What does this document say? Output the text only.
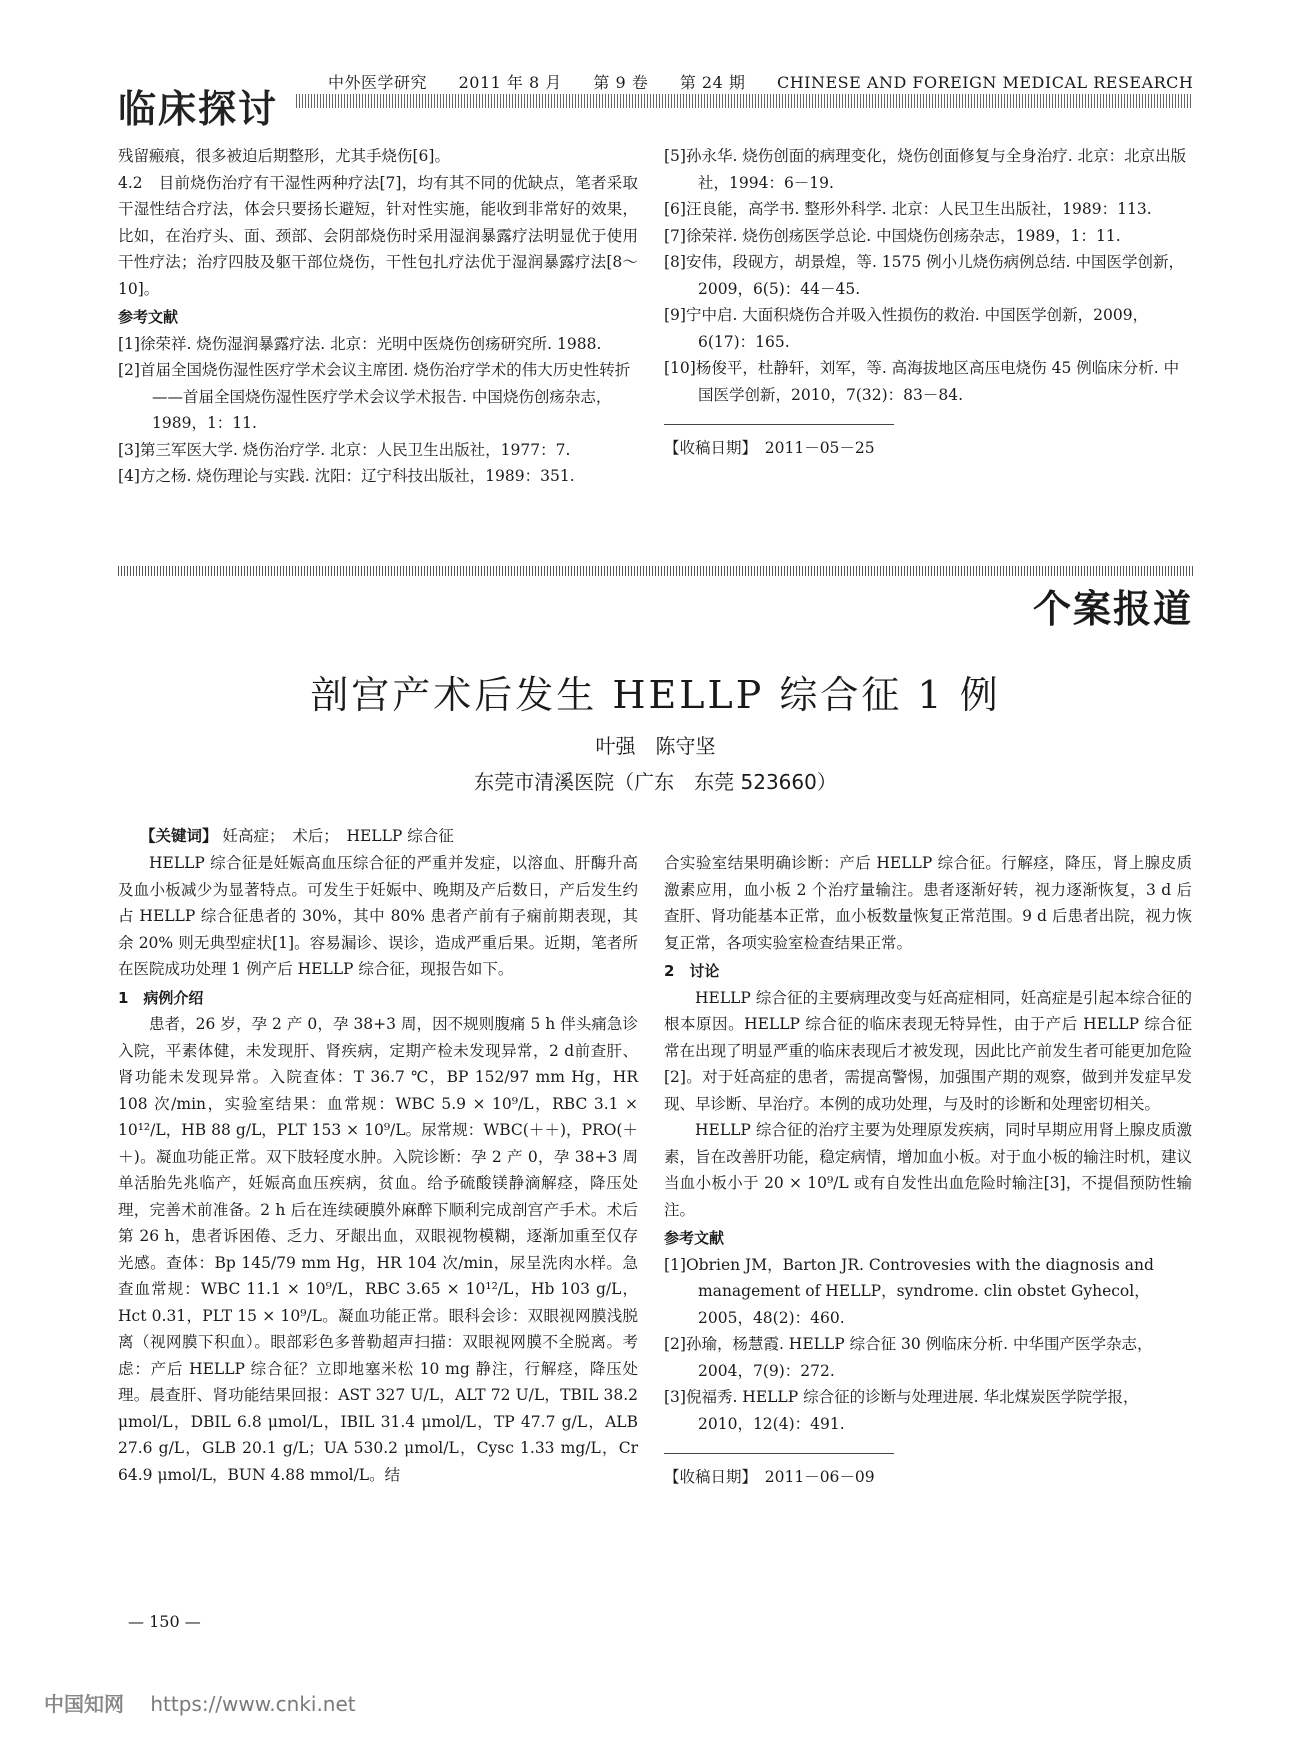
临床探讨
中外医学研究 2011 年 8 月 第 9 卷 第 24 期 CHINESE AND FOREIGN MEDICAL RESEARCH

残留瘢痕，很多被迫后期整形，尤其手烧伤[6]。

4.2　目前烧伤治疗有干湿性两种疗法[7]，均有其不同的优缺点，笔者采取干湿性结合疗法，体会只要扬长避短，针对性实施，能收到非常好的效果，比如，在治疗头、面、颈部、会阴部烧伤时采用湿润暴露疗法明显优于使用干性疗法；治疗四肢及躯干部位烧伤，干性包扎疗法优于湿润暴露疗法[8～10]。

参考文献

[1]徐荣祥. 烧伤湿润暴露疗法. 北京：光明中医烧伤创疡研究所. 1988.

[2]首届全国烧伤湿性医疗学术会议主席团. 烧伤治疗学术的伟大历史性转折——首届全国烧伤湿性医疗学术会议学术报告. 中国烧伤创疡杂志，1989，1：11.

[3]第三军医大学. 烧伤治疗学. 北京：人民卫生出版社，1977：7.

[4]方之杨. 烧伤理论与实践. 沈阳：辽宁科技出版社，1989：351.

[5]孙永华. 烧伤创面的病理变化，烧伤创面修复与全身治疗. 北京：北京出版社，1994：6－19.

[6]汪良能，高学书. 整形外科学. 北京：人民卫生出版社，1989：113.

[7]徐荣祥. 烧伤创疡医学总论. 中国烧伤创疡杂志，1989，1：11.

[8]安伟，段砚方，胡景煌，等. 1575 例小儿烧伤病例总结. 中国医学创新，2009，6(5)：44－45.

[9]宁中启. 大面积烧伤合并吸入性损伤的救治. 中国医学创新，2009，6(17)：165.

[10]杨俊平，杜静轩，刘军，等. 高海拔地区高压电烧伤 45 例临床分析. 中国医学创新，2010，7(32)：83－84.

【收稿日期】　2011－05－25

个案报道
剖宫产术后发生 HELLP 综合征 1 例
叶强　陈守坚
东莞市清溪医院（广东　东莞 523660）
【关键词】 妊高症；　术后；　HELLP 综合征

HELLP 综合征是妊娠高血压综合征的严重并发症，以溶血、肝酶升高及血小板减少为显著特点。可发生于妊娠中、晚期及产后数日，产后发生约占 HELLP 综合征患者的 30%，其中 80% 患者产前有子痫前期表现，其余 20% 则无典型症状[1]。容易漏诊、误诊，造成严重后果。近期，笔者所在医院成功处理 1 例产后 HELLP 综合征，现报告如下。

1　病例介绍

患者，26 岁，孕 2 产 0，孕 38+3 周，因不规则腹痛 5 h 伴头痛急诊入院，平素体健，未发现肝、肾疾病，定期产检未发现异常，2 d前查肝、肾功能未发现异常。入院查体：T 36.7 ℃，BP 152/97 mm Hg，HR 108 次/min，实验室结果：血常规：WBC 5.9 × 10⁹/L，RBC 3.1 × 10¹²/L，HB 88 g/L，PLT 153 × 10⁹/L。尿常规：WBC(＋＋)，PRO(＋＋)。凝血功能正常。双下肢轻度水肿。入院诊断：孕 2 产 0，孕 38+3 周单活胎先兆临产，妊娠高血压疾病，贫血。给予硫酸镁静滴解痉，降压处理，完善术前准备。2 h 后在连续硬膜外麻醉下顺利完成剖宫产手术。术后第 26 h，患者诉困倦、乏力、牙龈出血，双眼视物模糊，逐渐加重至仅存光感。查体：Bp 145/79 mm Hg，HR 104 次/min，尿呈洗肉水样。急查血常规：WBC 11.1 × 10⁹/L，RBC 3.65 × 10¹²/L，Hb 103 g/L，Hct 0.31，PLT 15 × 10⁹/L。凝血功能正常。眼科会诊：双眼视网膜浅脱离（视网膜下积血）。眼部彩色多普勒超声扫描：双眼视网膜不全脱离。考虑：产后 HELLP 综合征？立即地塞米松 10 mg 静注，行解痉，降压处理。晨查肝、肾功能结果回报：AST 327 U/L，ALT 72 U/L，TBIL 38.2 μmol/L，DBIL 6.8 μmol/L，IBIL 31.4 μmol/L，TP 47.7 g/L，ALB 27.6 g/L，GLB 20.1 g/L；UA 530.2 μmol/L，Cysc 1.33 mg/L，Cr 64.9 μmol/L，BUN 4.88 mmol/L。结

合实验室结果明确诊断：产后 HELLP 综合征。行解痉，降压，肾上腺皮质激素应用，血小板 2 个治疗量输注。患者逐渐好转，视力逐渐恢复，3 d 后查肝、肾功能基本正常，血小板数量恢复正常范围。9 d 后患者出院，视力恢复正常，各项实验室检查结果正常。

2　讨论

HELLP 综合征的主要病理改变与妊高症相同，妊高症是引起本综合征的根本原因。HELLP 综合征的临床表现无特异性，由于产后 HELLP 综合征常在出现了明显严重的临床表现后才被发现，因此比产前发生者可能更加危险[2]。对于妊高症的患者，需提高警惕，加强围产期的观察，做到并发症早发现、早诊断、早治疗。本例的成功处理，与及时的诊断和处理密切相关。

HELLP 综合征的治疗主要为处理原发疾病，同时早期应用肾上腺皮质激素，旨在改善肝功能，稳定病情，增加血小板。对于血小板的输注时机，建议当血小板小于 20 × 10⁹/L 或有自发性出血危险时输注[3]，不提倡预防性输注。

参考文献

[1]Obrien JM，Barton JR. Controvesies with the diagnosis and management of HELLP，syndrome. clin obstet Gyhecol，2005，48(2)：460.

[2]孙瑜，杨慧霞. HELLP 综合征 30 例临床分析. 中华围产医学杂志，2004，7(9)：272.

[3]倪福秀. HELLP 综合征的诊断与处理进展. 华北煤炭医学院学报，2010，12(4)：491.

【收稿日期】　2011－06－09

— 150 —
中国知网 https://www.cnki.net
